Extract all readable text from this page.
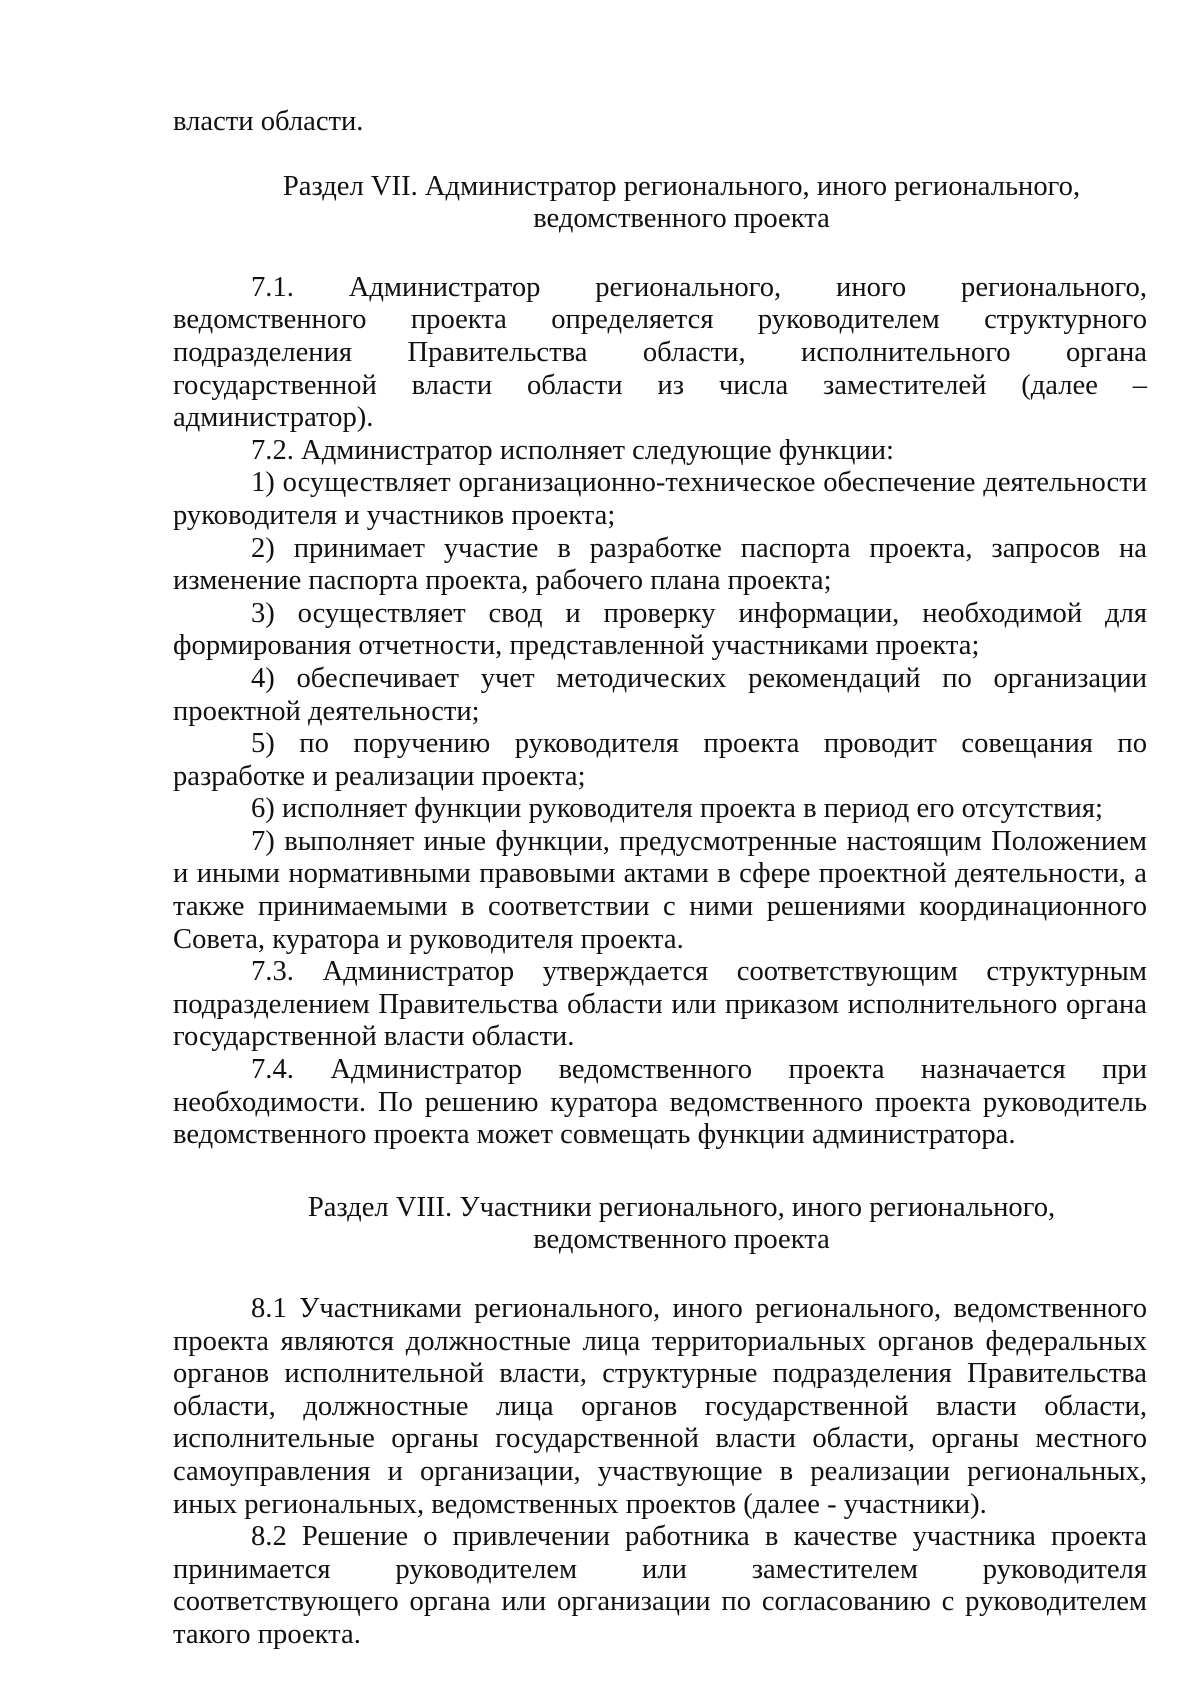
власти области.

Раздел VII. Администратор регионального, иного регионального,
ведомственного проекта

7.1. Администратор регионального, иного регионального, ведомственного проекта определяется руководителем структурного подразделения Правительства области, исполнительного органа государственной власти области из числа заместителей (далее – администратор).

7.2. Администратор исполняет следующие функции:

1) осуществляет организационно-техническое обеспечение деятельности руководителя и участников проекта;

2) принимает участие в разработке паспорта проекта, запросов на изменение паспорта проекта, рабочего плана проекта;

3) осуществляет свод и проверку информации, необходимой для формирования отчетности, представленной участниками проекта;

4) обеспечивает учет методических рекомендаций по организации проектной деятельности;

5) по поручению руководителя проекта проводит совещания по разработке и реализации проекта;

6) исполняет функции руководителя проекта в период его отсутствия;

7) выполняет иные функции, предусмотренные настоящим Положением и иными нормативными правовыми актами в сфере проектной деятельности, а также принимаемыми в соответствии с ними решениями координационного Совета, куратора и руководителя проекта.

7.3. Администратор утверждается соответствующим структурным подразделением Правительства области или приказом исполнительного органа государственной власти области.

7.4. Администратор ведомственного проекта назначается при необходимости. По решению куратора ведомственного проекта руководитель ведомственного проекта может совмещать функции администратора.

Раздел VIII. Участники регионального, иного регионального,
ведомственного проекта

8.1 Участниками регионального, иного регионального, ведомственного проекта являются должностные лица территориальных органов федеральных органов исполнительной власти, структурные подразделения Правительства области, должностные лица органов государственной власти области, исполнительные органы государственной власти области, органы местного самоуправления и организации, участвующие в реализации региональных, иных региональных, ведомственных проектов (далее - участники).

8.2 Решение о привлечении работника в качестве участника проекта принимается руководителем или заместителем руководителя соответствующего органа или организации по согласованию с руководителем такого проекта.
